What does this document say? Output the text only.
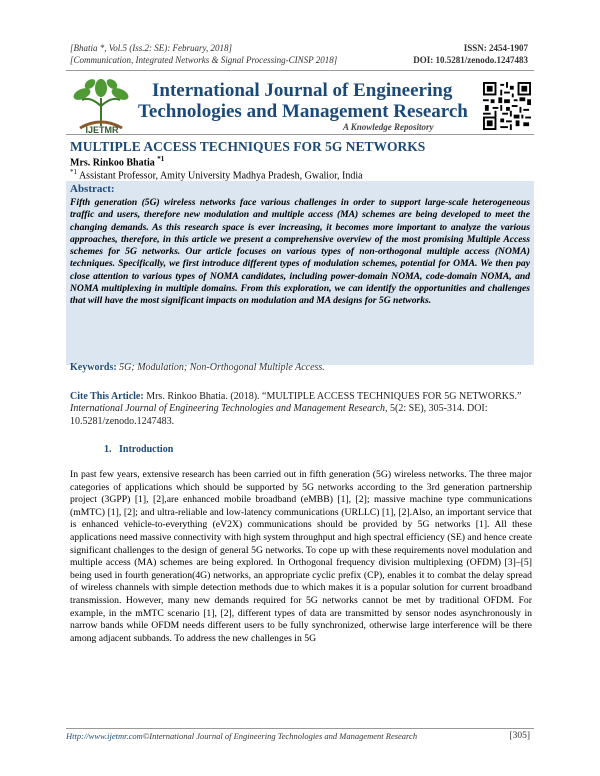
[Bhatia *, Vol.5 (Iss.2: SE): February, 2018]
[Communication, Integrated Networks & Signal Processing-CINSP 2018]
ISSN: 2454-1907
DOI: 10.5281/zenodo.1247483
IJETMR
International Journal of Engineering
Technologies and Management Research
A Knowledge Repository
MULTIPLE ACCESS TECHNIQUES FOR 5G NETWORKS
Mrs. Rinkoo Bhatia $^{*1}$
$^{*1}$ Assistant Professor, Amity University Madhya Pradesh, Gwalior, India
Abstract:
Fifth generation (5G) wireless networks face various challenges in order to support large-scale heterogeneous traffic and users, therefore new modulation and multiple access (MA) schemes are being developed to meet the changing demands. As this research space is ever increasing, it becomes more important to analyze the various approaches, therefore, in this article we present a comprehensive overview of the most promising Multiple Access schemes for 5G networks. Our article focuses on various types of non-orthogonal multiple access (NOMA) techniques. Specifically, we first introduce different types of modulation schemes, potential for OMA. We then pay close attention to various types of NOMA candidates, including power-domain NOMA, code-domain NOMA, and NOMA multiplexing in multiple domains. From this exploration, we can identify the opportunities and challenges that will have the most significant impacts on modulation and MA designs for 5G networks.
Keywords: 5G; Modulation; Non-Orthogonal Multiple Access.
Cite This Article: Mrs. Rinkoo Bhatia. (2018). “MULTIPLE ACCESS TECHNIQUES FOR 5G NETWORKS.” International Journal of Engineering Technologies and Management Research, 5(2: SE), 305-314. DOI: 10.5281/zenodo.1247483.
1. Introduction
In past few years, extensive research has been carried out in fifth generation (5G) wireless networks. The three major categories of applications which should be supported by 5G networks according to the 3rd generation partnership project (3GPP) [1], [2],are enhanced mobile broadband (eMBB) [1], [2]; massive machine type communications (mMTC) [1], [2]; and ultra-reliable and low-latency communications (URLLC) [1], [2].Also, an important service that is enhanced vehicle-to-everything (eV2X) communications should be provided by 5G networks [1]. All these applications need massive connectivity with high system throughput and high spectral efficiency (SE) and hence create significant challenges to the design of general 5G networks. To cope up with these requirements novel modulation and multiple access (MA) schemes are being explored. In Orthogonal frequency division multiplexing (OFDM) [3]–[5] being used in fourth generation(4G) networks, an appropriate cyclic prefix (CP), enables it to combat the delay spread of wireless channels with simple detection methods due to which makes it is a popular solution for current broadband transmission. However, many new demands required for 5G networks cannot be met by traditional OFDM. For example, in the mMTC scenario [1], [2], different types of data are transmitted by sensor nodes asynchronously in narrow bands while OFDM needs different users to be fully synchronized, otherwise large interference will be there among adjacent subbands. To address the new challenges in 5G
Http://www.ijetmr.com©International Journal of Engineering Technologies and Management Research	[305]
